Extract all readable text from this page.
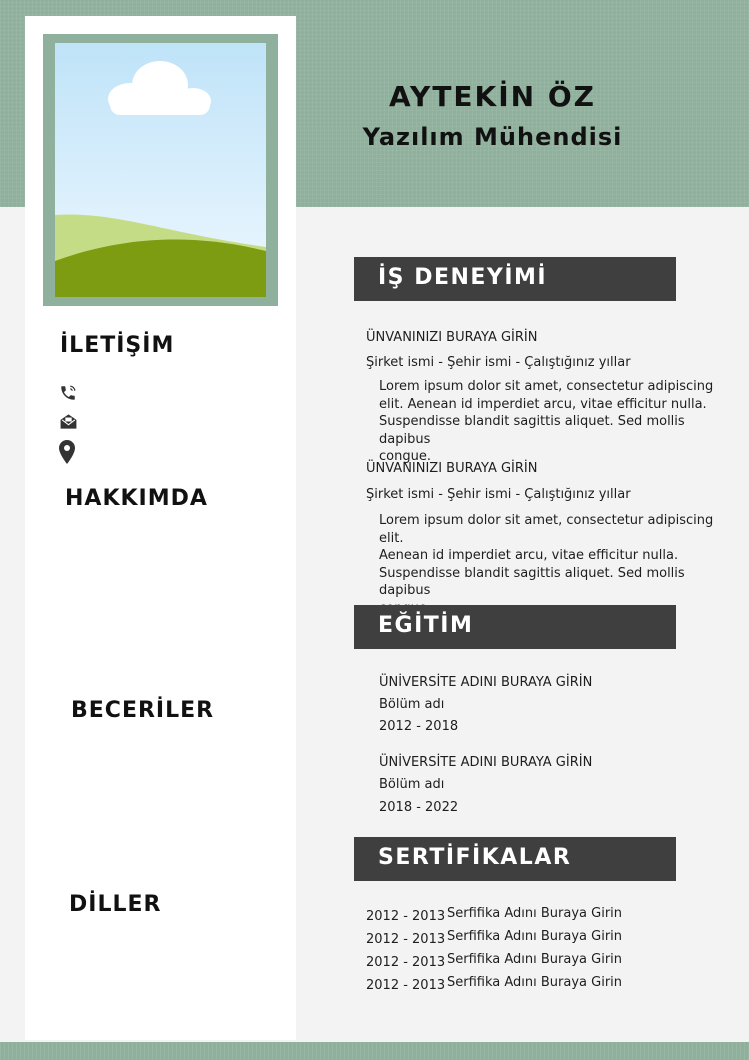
İLETİŞİM
HAKKIMDA
BECERİLER
DİLLER
AYTEKİN ÖZ
Yazılım Mühendisi
İŞ DENEYİMİ
ÜNVANINIZI BURAYA GİRİN
Şirket ismi - Şehir ismi - Çalıştığınız yıllar
Lorem ipsum dolor sit amet, consectetur adipiscing
elit. Aenean id imperdiet arcu, vitae efficitur nulla.
Suspendisse blandit sagittis aliquet. Sed mollis dapibus
congue.
ÜNVANINIZI BURAYA GİRİN
Şirket ismi - Şehir ismi - Çalıştığınız yıllar
Lorem ipsum dolor sit amet, consectetur adipiscing elit.
Aenean id imperdiet arcu, vitae efficitur nulla.
Suspendisse blandit sagittis aliquet. Sed mollis dapibus
EĞİTİM
ÜNİVERSİTE ADINI BURAYA GİRİN
Bölüm adı
2012 - 2018
ÜNİVERSİTE ADINI BURAYA GİRİN
Bölüm adı
2018 - 2022
SERTİFİKALAR
2012 - 2013 Serfifika Adını Buraya Girin
2012 - 2013 Serfifika Adını Buraya Girin
2012 - 2013 Serfifika Adını Buraya Girin
2012 - 2013 Serfifika Adını Buraya Girin
